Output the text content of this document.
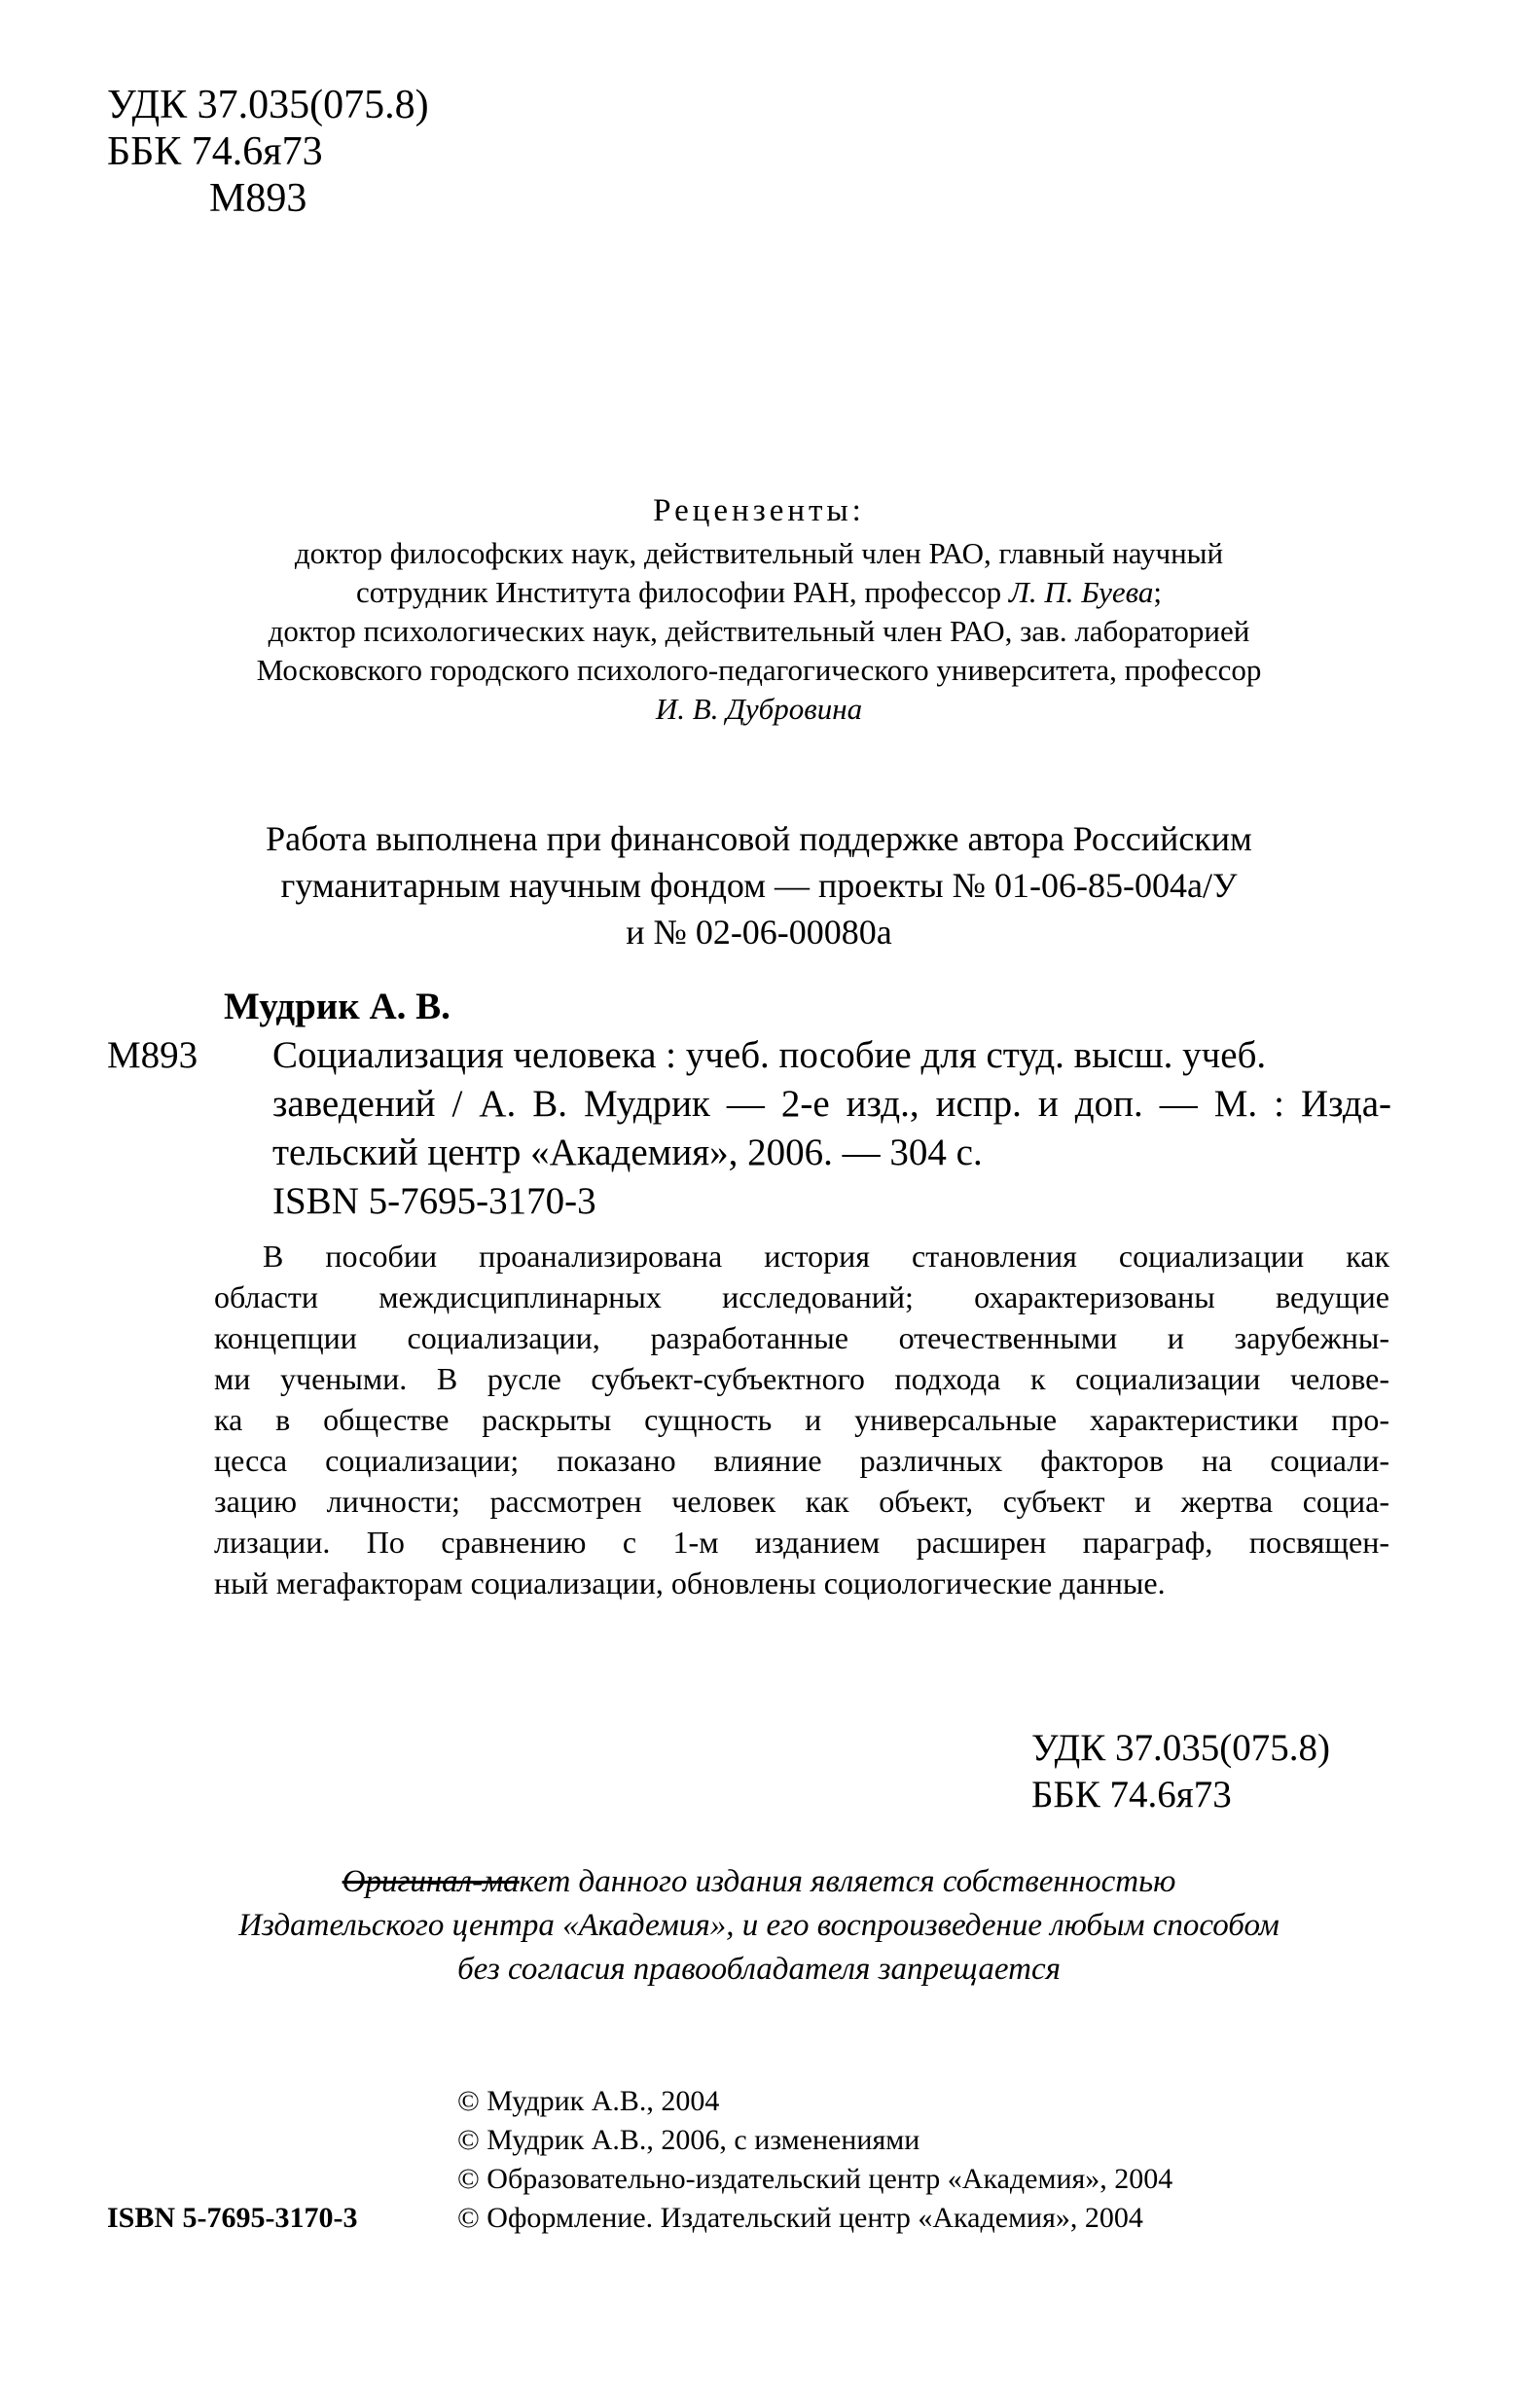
УДК 37.035(075.8)
ББК 74.6я73
М893
Рецензенты:
доктор философских наук, действительный член РАО, главный научный
сотрудник Института философии РАН, профессор Л. П. Буева;
доктор психологических наук, действительный член РАО, зав. лабораторией
Московского городского психолого-педагогического университета, профессор
И. В. Дубровина
Работа выполнена при финансовой поддержке автора Российским
гуманитарным научным фондом — проекты № 01-06-85-004а/У
и № 02-06-00080а
Мудрик А. В.
М893 Социализация человека : учеб. пособие для студ. высш. учеб.
заведений / А. В. Мудрик — 2-е изд., испр. и доп. — М. : Изда-
тельский центр «Академия», 2006. — 304 с.
ISBN 5-7695-3170-3
В пособии проанализирована история становления социализации как
области междисциплинарных исследований; охарактеризованы ведущие
концепции социализации, разработанные отечественными и зарубежны-
ми учеными. В русле субъект-субъектного подхода к социализации челове-
ка в обществе раскрыты сущность и универсальные характеристики про-
цесса социализации; показано влияние различных факторов на социали-
зацию личности; рассмотрен человек как объект, субъект и жертва социа-
лизации. По сравнению с 1-м изданием расширен параграф, посвящен-
ный мегафакторам социализации, обновлены социологические данные.
УДК 37.035(075.8)
ББК 74.6я73
Оригинал-макет данного издания является собственностью
Издательского центра «Академия», и его воспроизведение любым способом
без согласия правообладателя запрещается
© Мудрик А.В., 2004
© Мудрик А.В., 2006, с изменениями
© Образовательно-издательский центр «Академия», 2004
ISBN 5-7695-3170-3	© Оформление. Издательский центр «Академия», 2004
